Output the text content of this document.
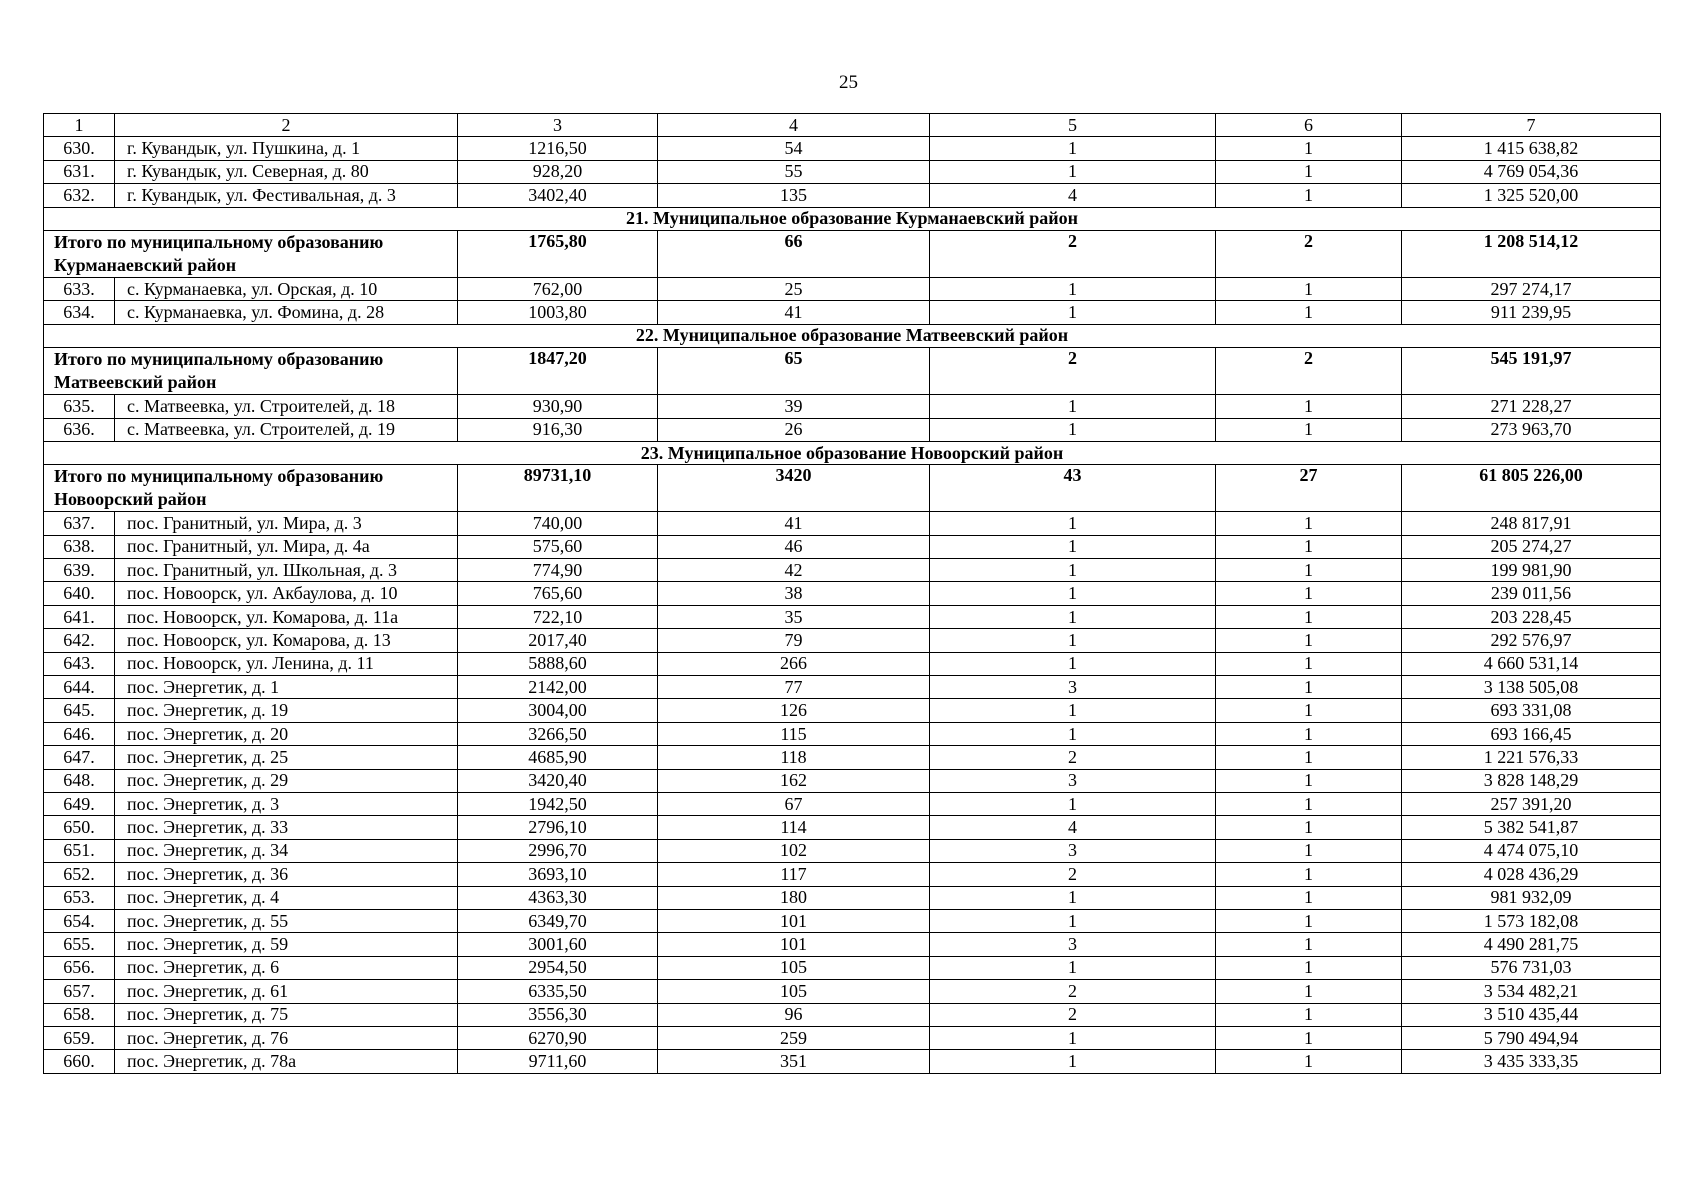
25
1	2	3	4	5	6	7
630.	г. Кувандык, ул. Пушкина, д. 1	1216,50	54	1	1	1 415 638,82
631.	г. Кувандык, ул. Северная, д. 80	928,20	55	1	1	4 769 054,36
632.	г. Кувандык, ул. Фестивальная, д. 3	3402,40	135	4	1	1 325 520,00
21. Муниципальное образование Курманаевский район						
Итого по муниципальному образованию Курманаевский район		1765,80	66	2	2	1 208 514,12
633.	с. Курманаевка, ул. Орская, д. 10	762,00	25	1	1	297 274,17
634.	с. Курманаевка, ул. Фомина, д. 28	1003,80	41	1	1	911 239,95
22. Муниципальное образование Матвеевский район						
Итого по муниципальному образованию Матвеевский район		1847,20	65	2	2	545 191,97
635.	с. Матвеевка, ул. Строителей, д. 18	930,90	39	1	1	271 228,27
636.	с. Матвеевка, ул. Строителей, д. 19	916,30	26	1	1	273 963,70
23. Муниципальное образование Новоорский район						
Итого по муниципальному образованию Новоорский район		89731,10	3420	43	27	61 805 226,00
637.	пос. Гранитный, ул. Мира, д. 3	740,00	41	1	1	248 817,91
638.	пос. Гранитный, ул. Мира, д. 4а	575,60	46	1	1	205 274,27
639.	пос. Гранитный, ул. Школьная, д. 3	774,90	42	1	1	199 981,90
640.	пос. Новоорск, ул. Акбаулова, д. 10	765,60	38	1	1	239 011,56
641.	пос. Новоорск, ул. Комарова, д. 11а	722,10	35	1	1	203 228,45
642.	пос. Новоорск, ул. Комарова, д. 13	2017,40	79	1	1	292 576,97
643.	пос. Новоорск, ул. Ленина, д. 11	5888,60	266	1	1	4 660 531,14
644.	пос. Энергетик, д. 1	2142,00	77	3	1	3 138 505,08
645.	пос. Энергетик, д. 19	3004,00	126	1	1	693 331,08
646.	пос. Энергетик, д. 20	3266,50	115	1	1	693 166,45
647.	пос. Энергетик, д. 25	4685,90	118	2	1	1 221 576,33
648.	пос. Энергетик, д. 29	3420,40	162	3	1	3 828 148,29
649.	пос. Энергетик, д. 3	1942,50	67	1	1	257 391,20
650.	пос. Энергетик, д. 33	2796,10	114	4	1	5 382 541,87
651.	пос. Энергетик, д. 34	2996,70	102	3	1	4 474 075,10
652.	пос. Энергетик, д. 36	3693,10	117	2	1	4 028 436,29
653.	пос. Энергетик, д. 4	4363,30	180	1	1	981 932,09
654.	пос. Энергетик, д. 55	6349,70	101	1	1	1 573 182,08
655.	пос. Энергетик, д. 59	3001,60	101	3	1	4 490 281,75
656.	пос. Энергетик, д. 6	2954,50	105	1	1	576 731,03
657.	пос. Энергетик, д. 61	6335,50	105	2	1	3 534 482,21
658.	пос. Энергетик, д. 75	3556,30	96	2	1	3 510 435,44
659.	пос. Энергетик, д. 76	6270,90	259	1	1	5 790 494,94
660.	пос. Энергетик, д. 78а	9711,60	351	1	1	3 435 333,35
